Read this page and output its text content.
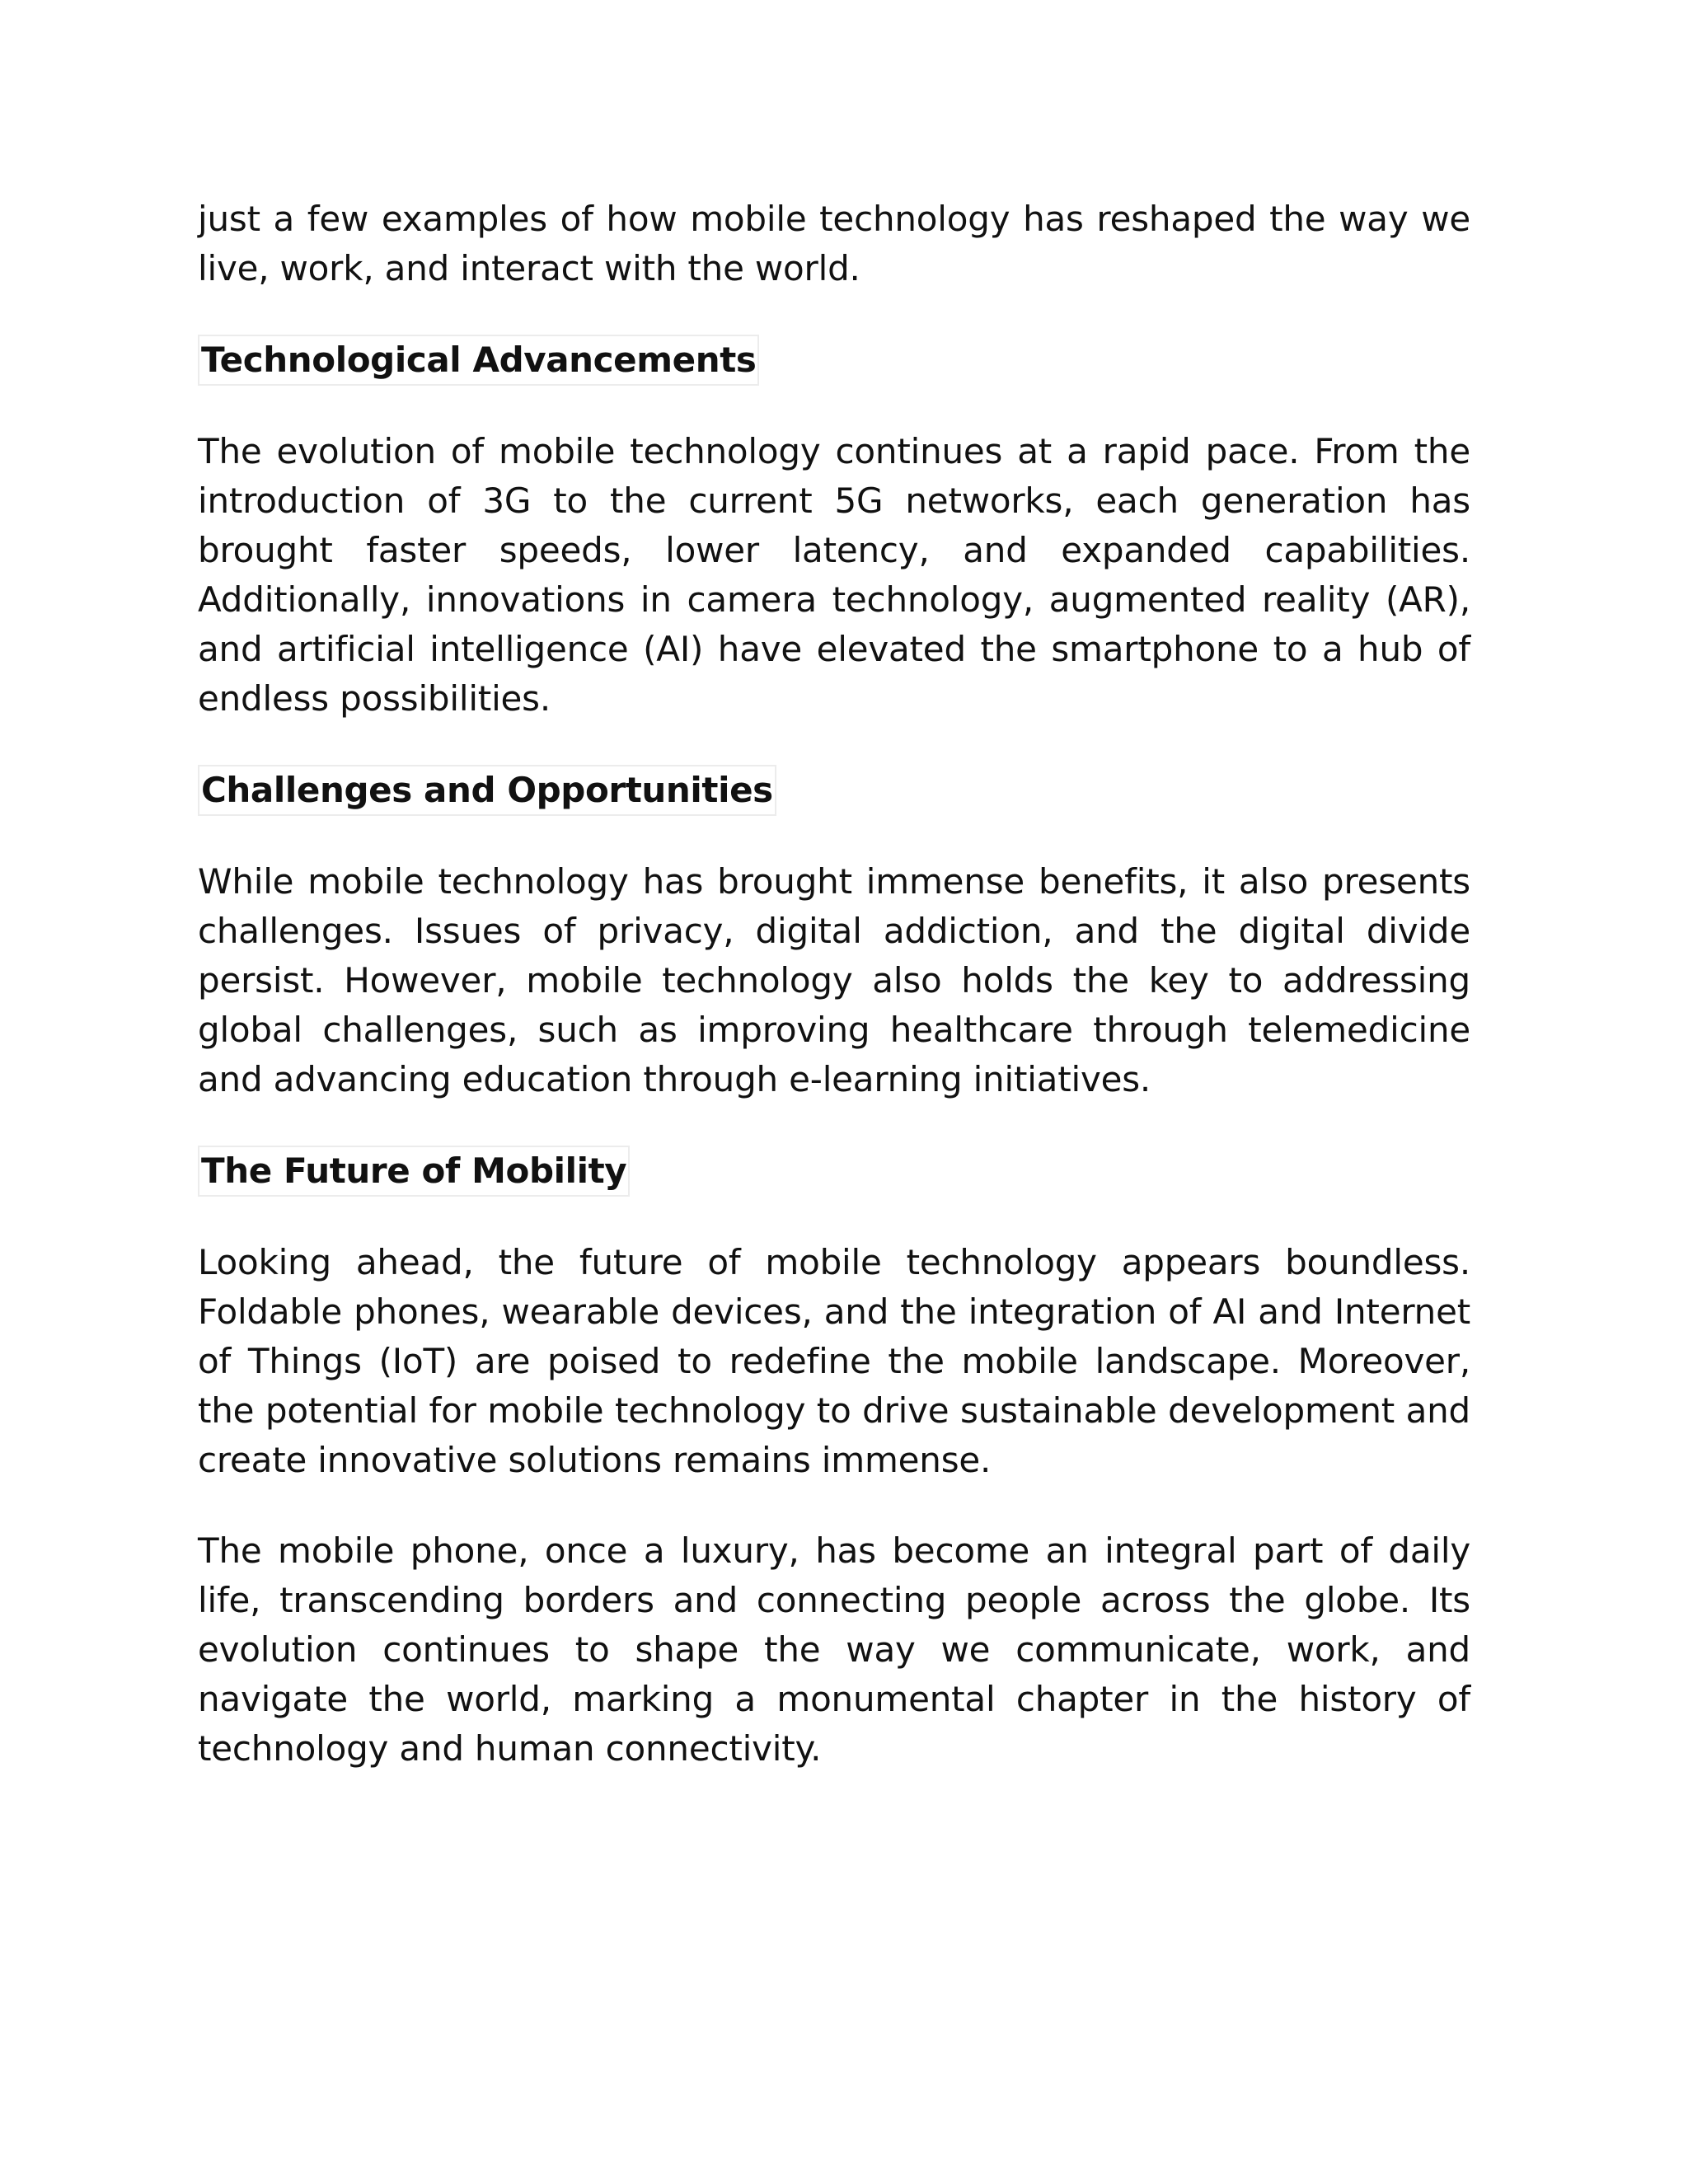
just a few examples of how mobile technology has reshaped the way we live, work, and interact with the world.

Technological Advancements

The evolution of mobile technology continues at a rapid pace. From the introduction of 3G to the current 5G networks, each generation has brought faster speeds, lower latency, and expanded capabilities. Additionally, innovations in camera technology, augmented reality (AR), and artificial intelligence (AI) have elevated the smartphone to a hub of endless possibilities.

Challenges and Opportunities

While mobile technology has brought immense benefits, it also presents challenges. Issues of privacy, digital addiction, and the digital divide persist. However, mobile technology also holds the key to addressing global challenges, such as improving healthcare through telemedicine and advancing education through e-learning initiatives.

The Future of Mobility

Looking ahead, the future of mobile technology appears boundless. Foldable phones, wearable devices, and the integration of AI and Internet of Things (IoT) are poised to redefine the mobile landscape. Moreover, the potential for mobile technology to drive sustainable development and create innovative solutions remains immense.

The mobile phone, once a luxury, has become an integral part of daily life, transcending borders and connecting people across the globe. Its evolution continues to shape the way we communicate, work, and navigate the world, marking a monumental chapter in the history of technology and human connectivity.
